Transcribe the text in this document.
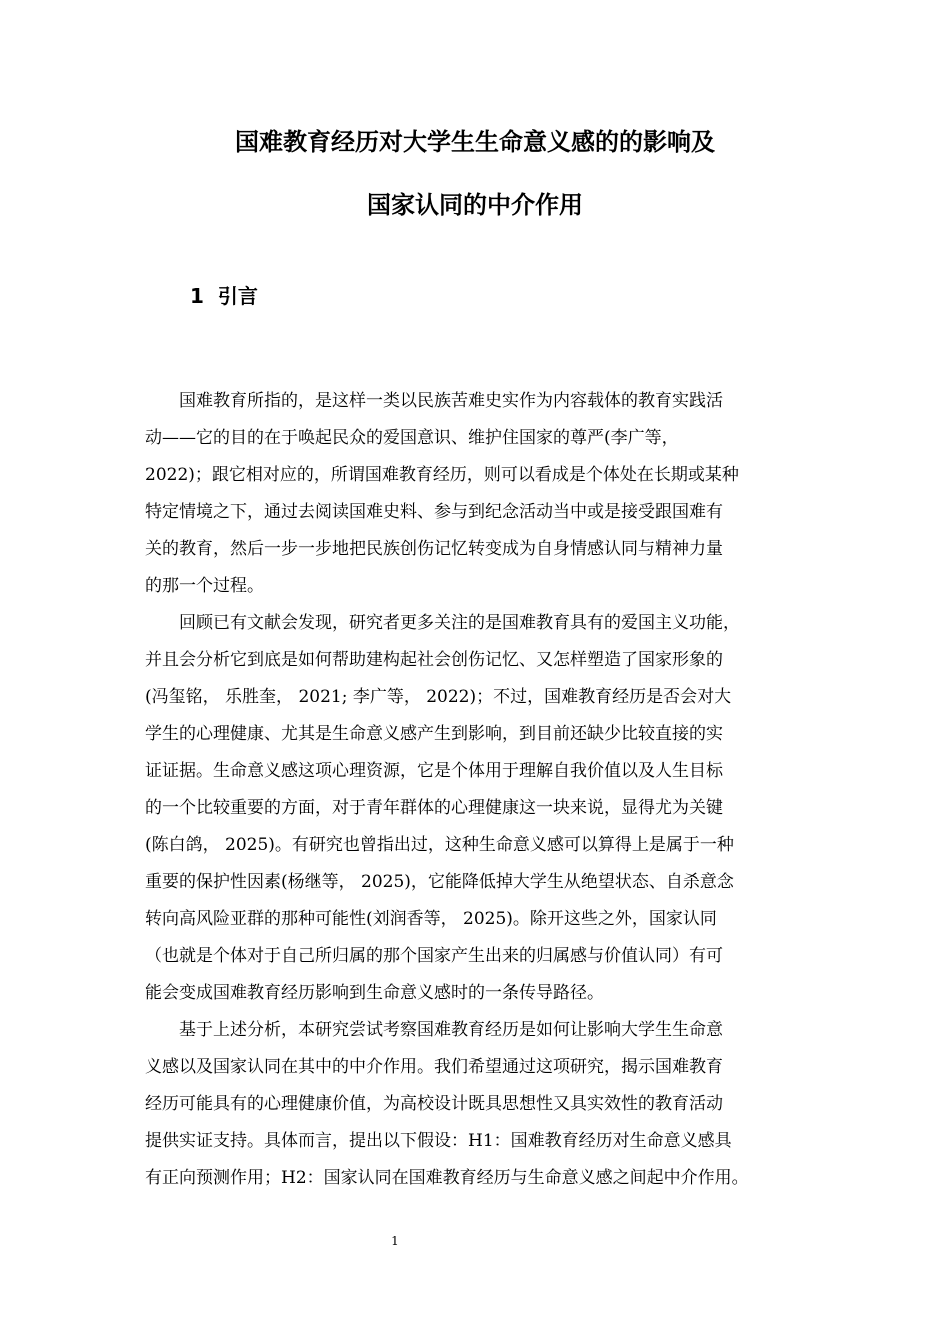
国难教育经历对大学生生命意义感的的影响及
国家认同的中介作用
1  引言
　　国难教育所指的，是这样一类以民族苦难史实作为内容载体的教育实践活
动——它的目的在于唤起民众的爱国意识、维护住国家的尊严(李广等，
2022)；跟它相对应的，所谓国难教育经历，则可以看成是个体处在长期或某种
特定情境之下，通过去阅读国难史料、参与到纪念活动当中或是接受跟国难有
关的教育，然后一步一步地把民族创伤记忆转变成为自身情感认同与精神力量
的那一个过程。
　　回顾已有文献会发现，研究者更多关注的是国难教育具有的爱国主义功能，
并且会分析它到底是如何帮助建构起社会创伤记忆、又怎样塑造了国家形象的
(冯玺铭， 乐胜奎， 2021; 李广等， 2022)；不过，国难教育经历是否会对大
学生的心理健康、尤其是生命意义感产生到影响，到目前还缺少比较直接的实
证证据。生命意义感这项心理资源，它是个体用于理解自我价值以及人生目标
的一个比较重要的方面，对于青年群体的心理健康这一块来说，显得尤为关键
(陈白鸽， 2025)。有研究也曾指出过，这种生命意义感可以算得上是属于一种
重要的保护性因素(杨继等， 2025)，它能降低掉大学生从绝望状态、自杀意念
转向高风险亚群的那种可能性(刘润香等， 2025)。除开这些之外，国家认同
（也就是个体对于自己所归属的那个国家产生出来的归属感与价值认同）有可
能会变成国难教育经历影响到生命意义感时的一条传导路径。
　　基于上述分析，本研究尝试考察国难教育经历是如何让影响大学生生命意
义感以及国家认同在其中的中介作用。我们希望通过这项研究，揭示国难教育
经历可能具有的心理健康价值，为高校设计既具思想性又具实效性的教育活动
提供实证支持。具体而言，提出以下假设：H1：国难教育经历对生命意义感具
有正向预测作用；H2：国家认同在国难教育经历与生命意义感之间起中介作用。
1
